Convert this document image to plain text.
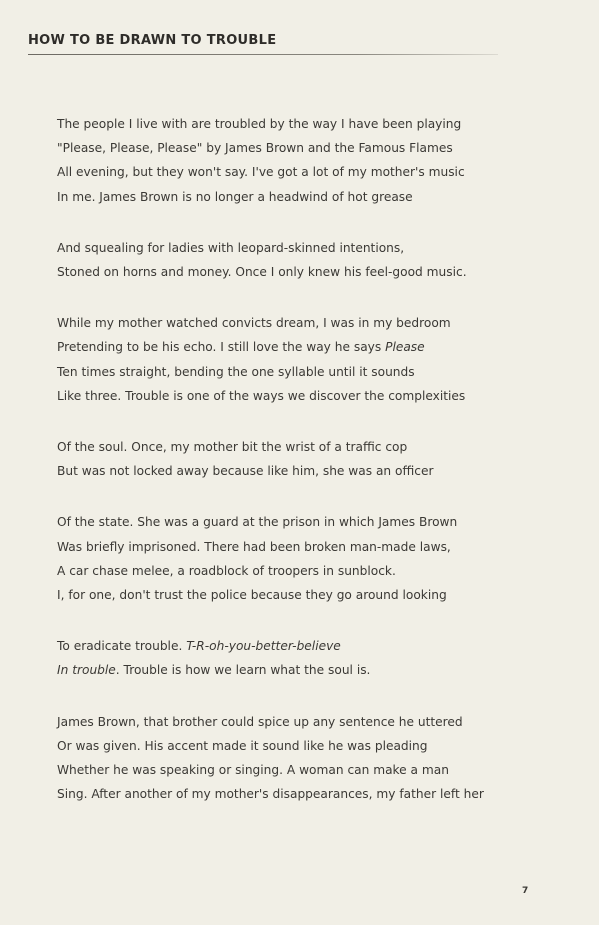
HOW TO BE DRAWN TO TROUBLE
The people I live with are troubled by the way I have been playing
"Please, Please, Please" by James Brown and the Famous Flames
All evening, but they won't say. I've got a lot of my mother's music
In me. James Brown is no longer a headwind of hot grease
And squealing for ladies with leopard-skinned intentions,
Stoned on horns and money. Once I only knew his feel-good music.
While my mother watched convicts dream, I was in my bedroom
Pretending to be his echo. I still love the way he says Please
Ten times straight, bending the one syllable until it sounds
Like three. Trouble is one of the ways we discover the complexities
Of the soul. Once, my mother bit the wrist of a traffic cop
But was not locked away because like him, she was an officer
Of the state. She was a guard at the prison in which James Brown
Was briefly imprisoned. There had been broken man-made laws,
A car chase melee, a roadblock of troopers in sunblock.
I, for one, don't trust the police because they go around looking
To eradicate trouble. T-R-oh-you-better-believe
In trouble. Trouble is how we learn what the soul is.
James Brown, that brother could spice up any sentence he uttered
Or was given. His accent made it sound like he was pleading
Whether he was speaking or singing. A woman can make a man
Sing. After another of my mother's disappearances, my father left her
7
